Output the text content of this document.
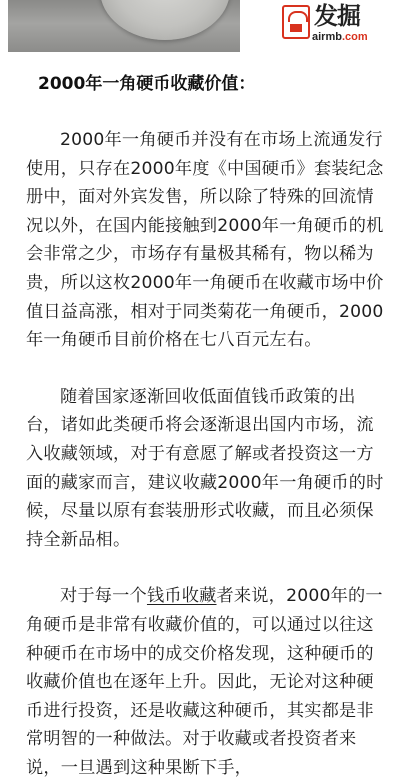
发掘
airmb.com

2000年一角硬币收藏价值：

2000年一角硬币并没有在市场上流通发行使用，只存在2000年度《中国硬币》套装纪念册中，面对外宾发售，所以除了特殊的回流情况以外，在国内能接触到2000年一角硬币的机会非常之少，市场存有量极其稀有，物以稀为贵，所以这枚2000年一角硬币在收藏市场中价值日益高涨，相对于同类菊花一角硬币，2000年一角硬币目前价格在七八百元左右。

随着国家逐渐回收低面值钱币政策的出台，诸如此类硬币将会逐渐退出国内市场，流入收藏领域，对于有意愿了解或者投资这一方面的藏家而言，建议收藏2000年一角硬币的时候，尽量以原有套装册形式收藏，而且必须保持全新品相。

对于每一个钱币收藏者来说，2000年的一角硬币是非常有收藏价值的，可以通过以往这种硬币在市场中的成交价格发现，这种硬币的收藏价值也在逐年上升。因此，无论对这种硬币进行投资，还是收藏这种硬币，其实都是非常明智的一种做法。对于收藏或者投资者来说，一旦遇到这种果断下手，
